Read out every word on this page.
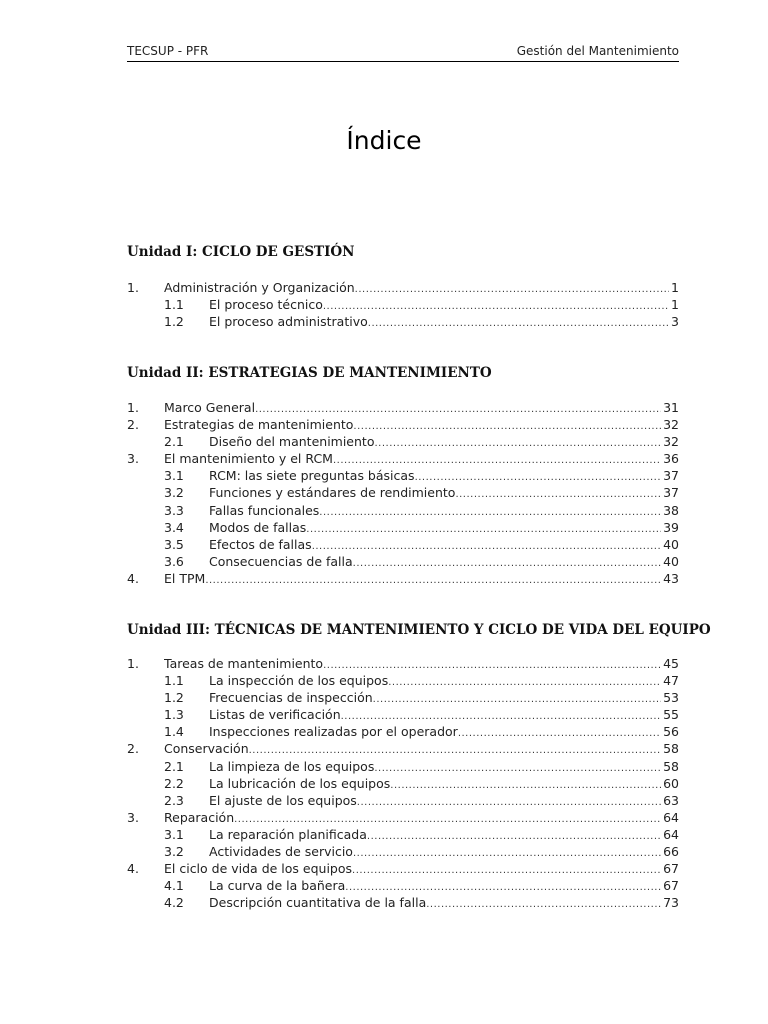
TECSUP - PFR	Gestión del Mantenimiento
Índice
Unidad I: CICLO DE GESTIÓN
1. Administración y Organización .....	1
1.1 El proceso técnico .....	1
1.2 El proceso administrativo .....	3
Unidad II: ESTRATEGIAS DE MANTENIMIENTO
1. Marco General .....	31
2. Estrategias de mantenimiento .....	32
2.1 Diseño del mantenimiento .....	32
3. El mantenimiento y el RCM .....	36
3.1 RCM: las siete preguntas básicas .....	37
3.2 Funciones y estándares de rendimiento .....	37
3.3 Fallas funcionales .....	38
3.4 Modos de fallas .....	39
3.5 Efectos de fallas .....	40
3.6 Consecuencias de falla .....	40
4. El TPM .....	43
Unidad III: TÉCNICAS DE MANTENIMIENTO Y CICLO DE VIDA DEL EQUIPO
1. Tareas de mantenimiento .....	45
1.1 La inspección de los equipos .....	47
1.2 Frecuencias de inspección .....	53
1.3 Listas de verificación .....	55
1.4 Inspecciones realizadas por el operador .....	56
2. Conservación .....	58
2.1 La limpieza de los equipos .....	58
2.2 La lubricación de los equipos .....	60
2.3 El ajuste de los equipos .....	63
3. Reparación .....	64
3.1 La reparación planificada .....	64
3.2 Actividades de servicio .....	66
4. El ciclo de vida de los equipos .....	67
4.1 La curva de la bañera .....	67
4.2 Descripción cuantitativa de la falla .....	73
